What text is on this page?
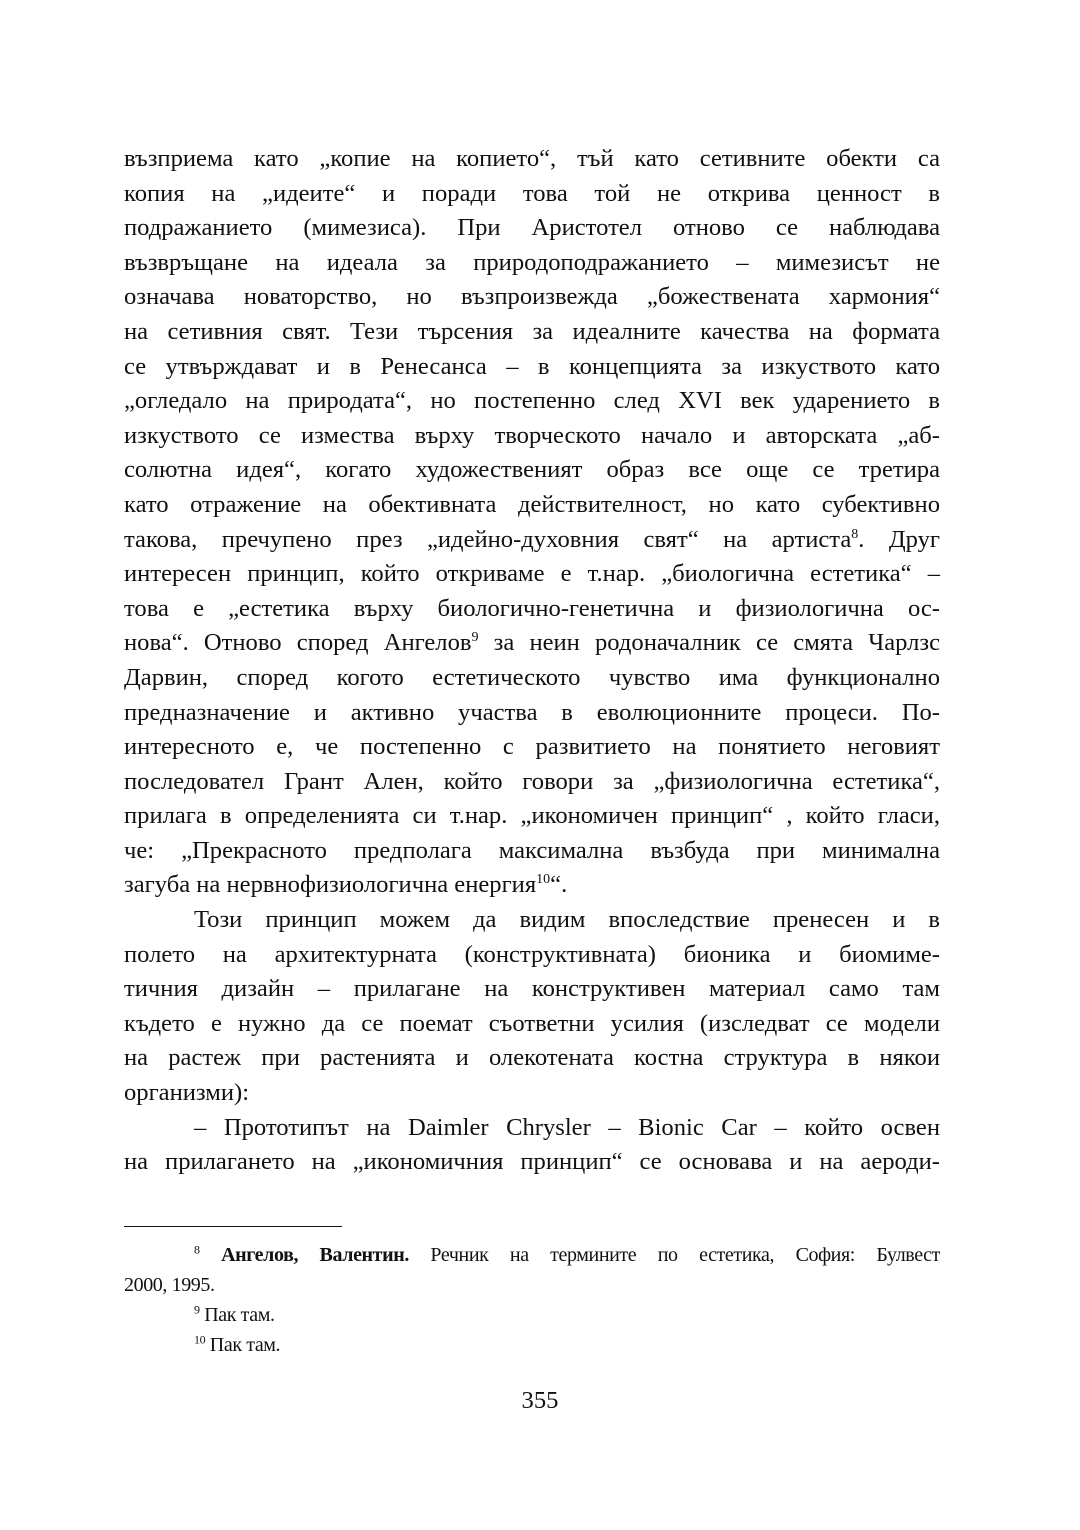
възприема като „копие на копието“, тъй като сетивните обекти са
копия на „идеите“ и поради това той не открива ценност в
подражанието (мимезиса). При Аристотел отново се наблюдава
възвръщане на идеала за природоподражанието – мимезисът не
означава новаторство, но възпроизвежда „божествената хармония“
на сетивния свят. Тези търсения за идеалните качества на формата
се утвърждават и в Ренесанса – в концепцията за изкуството като
„огледало на природата“, но постепенно след XVI век ударението в
изкуството се измества върху творческото начало и авторската „аб-
солютна идея“, когато художественият образ все още се третира
като отражение на обективната действителност, но като субективно
такова, пречупено през „идейно-духовния свят“ на артиста$^8$. Друг
интересен принцип, който откриваме е т.нар. „биологична естетика“ –
това е „естетика върху биологично-генетична и физиологична ос-
нова“. Отново според Ангелов$^9$ за неин родоначалник се смята Чарлзс
Дарвин, според когото естетическото чувство има функционално
предназначение и активно участва в еволюционните процеси. По-
интересното е, че постепенно с развитието на понятието неговият
последовател Грант Ален, който говори за „физиологична естетика“,
прилага в определенията си т.нар. „икономичен принцип“ , който гласи,
че: „Прекрасното предполага максимална възбуда при минимална
загуба на нервнофизиологична енергия$^{10}$“.
Този принцип можем да видим впоследствие пренесен и в
полето на архитектурната (конструктивната) бионика и биомиме-
тичния дизайн – прилагане на конструктивен материал само там
където е нужно да се поемат съответни усилия (изследват се модели
на растеж при растенията и олекотената костна структура в някои
организми):
– Прототипът на Daimler Chrysler – Bionic Car – който освен
на прилагането на „икономичния принцип“ се основава и на аероди-
$^8$ Ангелов, Валентин. Речник на термините по естетика, София: Булвест
2000, 1995.
$^9$ Пак там.
$^{10}$ Пак там.
355
